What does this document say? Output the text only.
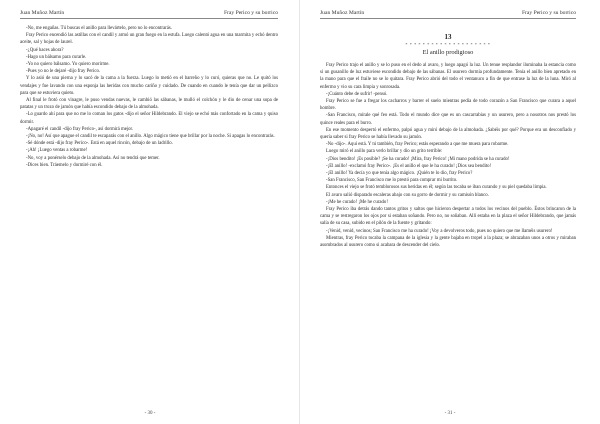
Juan Muñoz Martín	Fray Perico y su borrico

-No, me engañas. Tú buscas el anillo para llevártelo, pero no lo encontrarás.

Fray Perico encendió las astillas con el candil y armó un gran fuego en la estufa. Luego calentó agua en una marmita y echó dentro aceite, sal y hojas de laurel.

-¿Qué haces ahora?

-Hago un bálsamo para curarle.

-Yo no quiero bálsamo. Yo quiero morirme.

-Pues yo no le dejaré -dijo fray Perico.

Y lo asió de una pierna y lo sacó de la cama a la fuerza. Luego lo metió en el barreño y lo curó, quieras que no. Le quitó los vendajes y fue lavando con una esponja las heridas con mucho cariño y cuidado. De cuando en cuando le tenía que dar un pellizco para que se estuviera quieto.

Al final le frotó con vinagre, le puso vendas nuevas, le cambió las sábanas, le mulló el colchón y le dio de cenar una sopa de patatas y un trozo de jamón que había escondido debajo de la almohada.

-Lo guardo ahí para que no me lo coman los gatos -dijo el señor Hildebrando. El viejo se echó más confortado en la cama y quiso dormir.

-Apagaré el candil -dijo fray Perico-, así dormirá mejor.

-¡No, no! Así que apague el candil te escaparás con el anillo. Algo mágico tiene que brillar por la noche. Si apagas lo encontrarás.

-Sé dónde está -dijo fray Perico-. Está en aquel rincón, debajo de un ladrillo.

-¡Ah! ¡Luego ventas a robarme!

-No, voy a ponérselo debajo de la almohada. Así no tendrá que temer.

-Dices bien. Tráemelo y dormiré con él.

- 30 -
Juan Muñoz Martín	Fray Perico y su borrico
13
* * * * * * * * * * * * * * * * * * * *
El anillo prodigioso

Fray Perico trajo el anillo y se lo puso en el dedo al avaro, y luego apagó la luz. Un tenue resplandor iluminaba la estancia como si un gusanillo de luz estuviese escondido debajo de las sábanas. El usurero dormía profundamente. Tenía el anillo bien apretado en la mano para que el fraile no se lo quitara. Fray Perico abrió del todo el ventanuco a fin de que entrase la luz de la luna. Miró al enfermo y vio su cara limpia y sonrosada.

-¡Cuánto debe de sufrir! -pensó.

Fray Perico se fue a fregar los cacharros y barrer el suelo mientras pedía de todo corazón a San Francisco que curara a aquel hombre.

-San Francisco, mírale qué feo está. Todo el mundo dice que es un cascarrabias y un usurero, pero a nosotros nos prestó los quince reales para el burro.

En ese momento despertó el enfermo, palpó agua y miró debajo de la almohada. ¿Sabéis por qué? Porque era un desconfiado y quería saber si fray Perico se había llevado su jamón.

-No -dijo-. Aquí está. Y tú también, fray Perico; estás esperando a que me muera para robarme.

Luego miró el anillo para verlo brillar y dio un grito terrible:

-¡Dios bendito! ¡Es posible? ¡Se ha curado! ¡Mira, fray Perico! ¡Mi mano podrida se ha curado!

-¡El anillo! -exclamó fray Perico-. ¡Es el anillo el que le ha curado! ¡Dios sea bendito!

-¡El anillo! Ya decía yo que tenía algo mágico. ¡Quién te lo dio, fray Perico?

-San Francisco, San Francisco me lo prestó para comprar mi burrito.

Entonces el viejo se frotó temblorosos sus heridas en él; según las tocaba se iban curando y su piel quedaba limpia.

El avaro salió disparado escaleras abajo con su gorro de dormir y su camisón blanco.

-¡Me he curado! ¡Me he curado!

Fray Perico iba detrás dando tantos gritos y saltos que hicieron despertar a todos los vecinos del pueblo. Éstos brincaron de la cama y se restregaron los ojos por si estaban soñando. Pero no, no soñaban. Allí estaba en la plaza el señor Hildebrando, que jamás salía de su casa, subido en el pilón de la fuente y gritando:

-¡Venid, venid, vecinos; San Francisco me ha curado! ¡Voy a devolveros todo, pues no quiero que me llaméis usurero!

Mientras, fray Perico tocaba la campana de la iglesia y la gente bajaba en tropel a la plaza; se abrazaban unos a otros y miraban asombrados al usurero como si acabara de descender del cielo.

- 31 -
